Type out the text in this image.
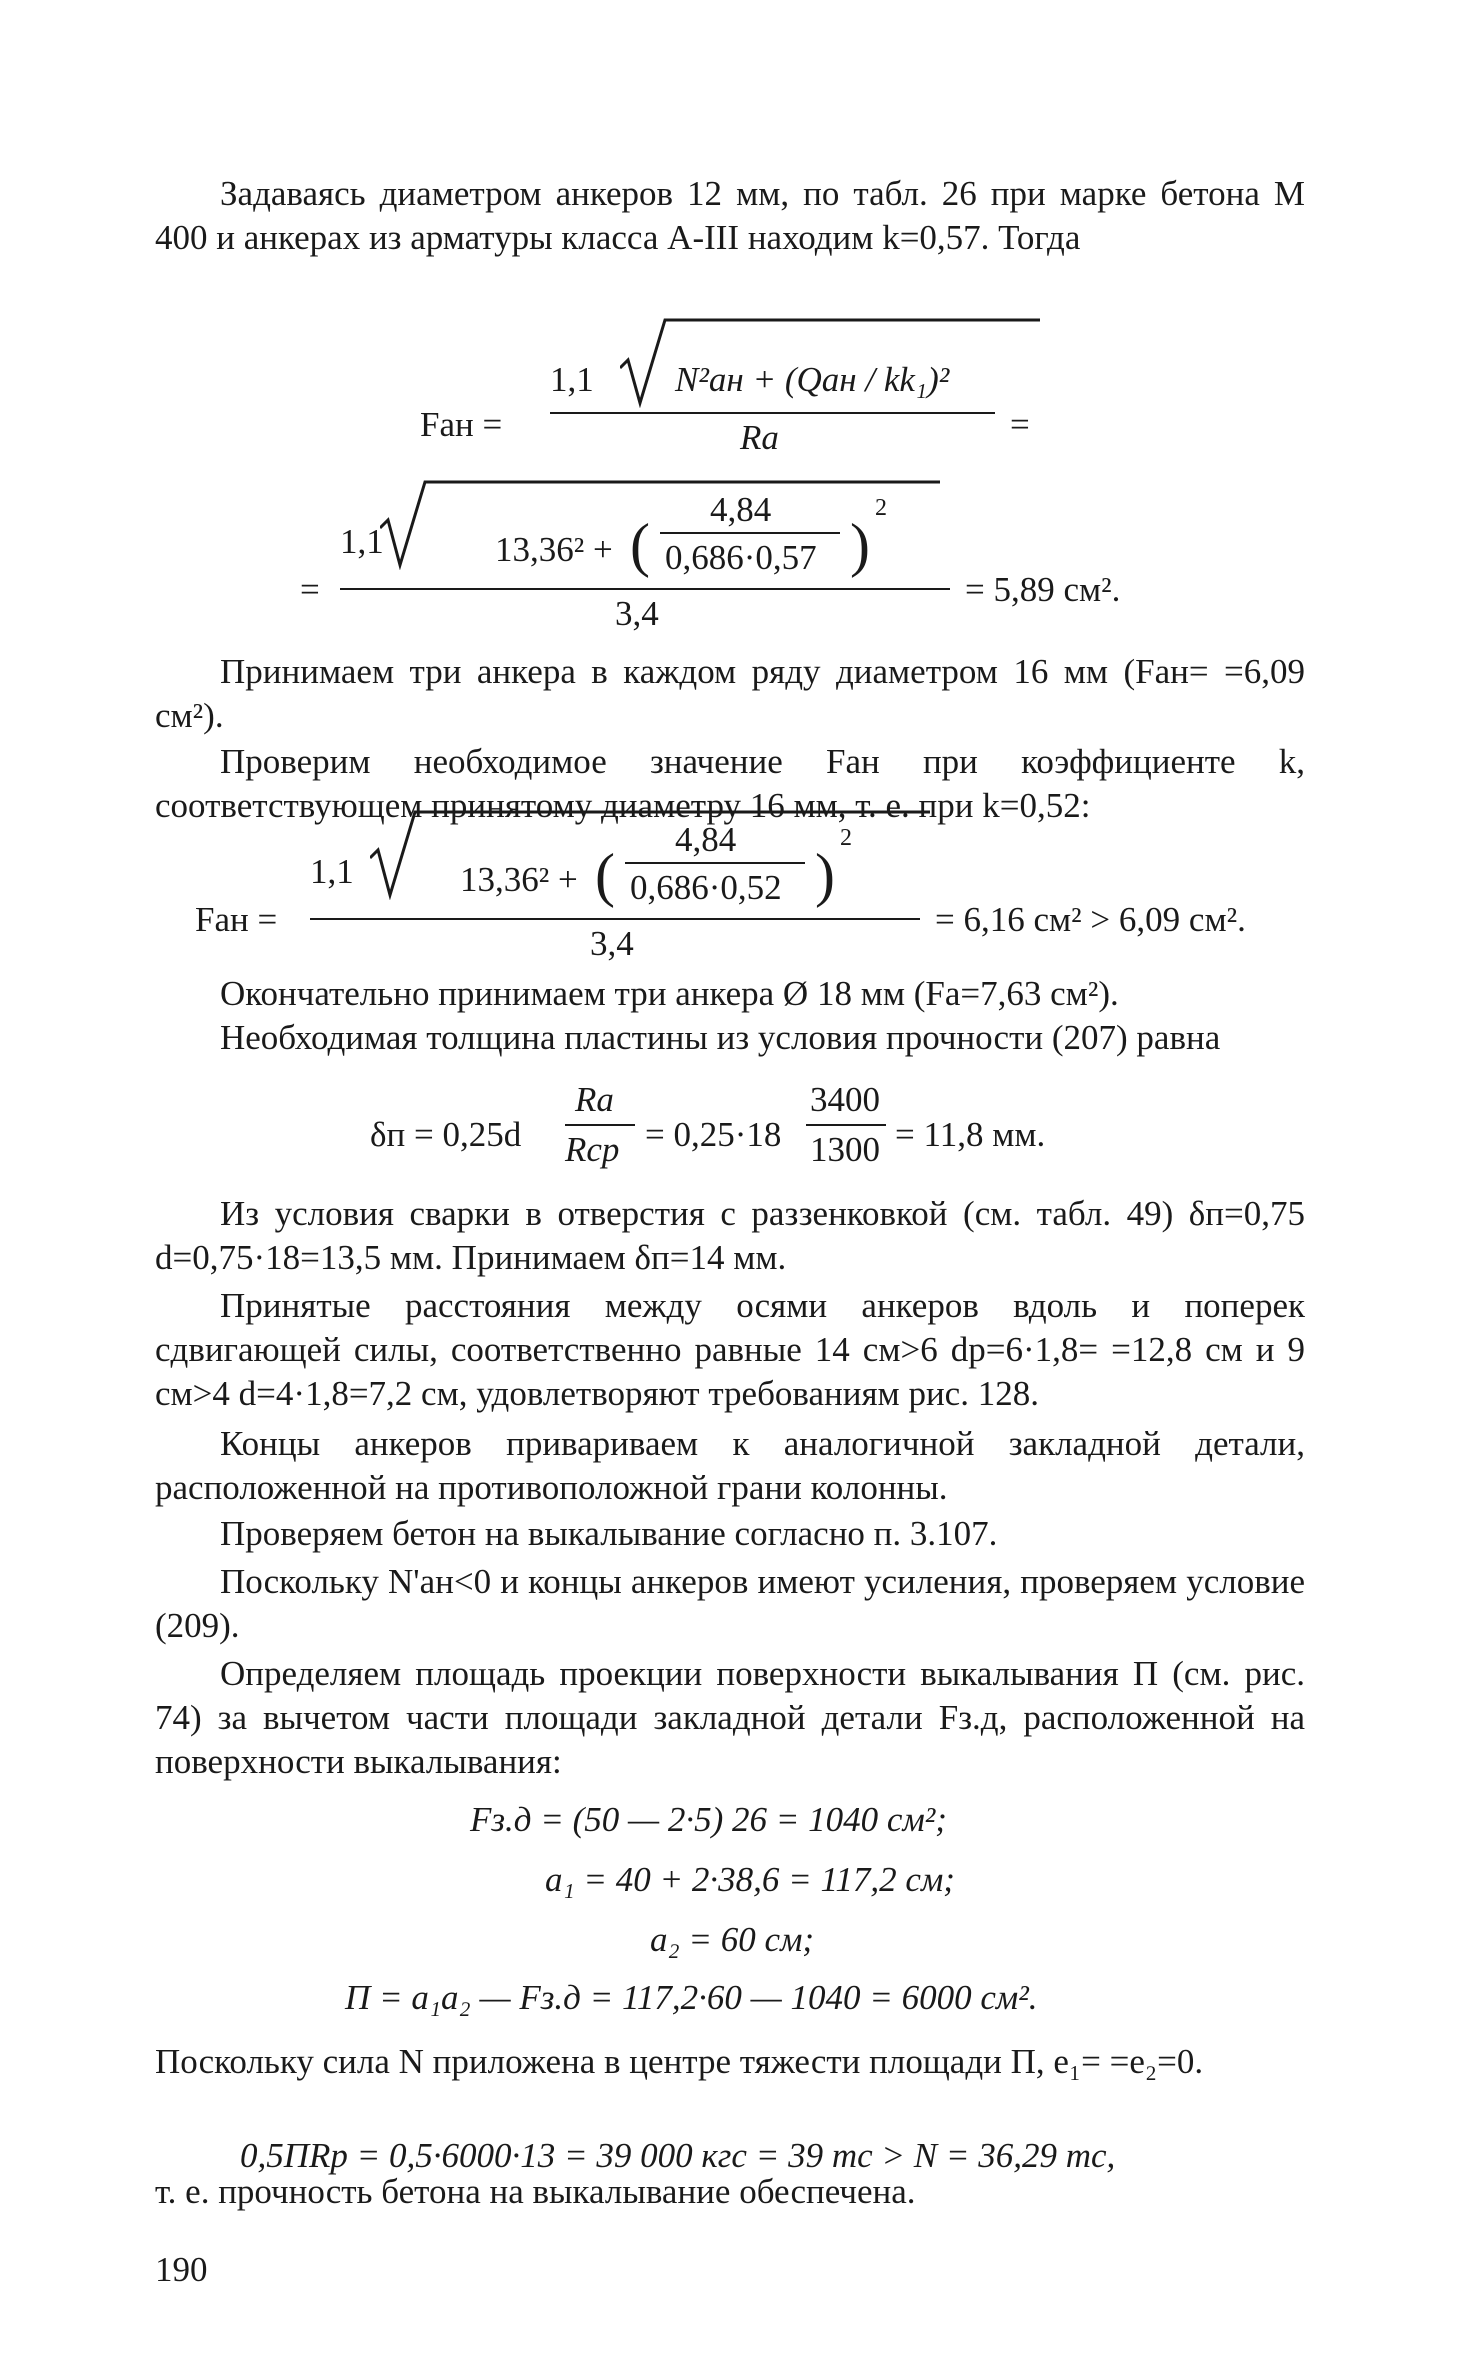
Задаваясь диаметром анкеров 12 мм, по табл. 26 при марке бетона М 400 и анкерах из арматуры класса А-III находим k=0,57. Тогда
Fан =
1,1 N²ан + (Qан / kk₁)²
Rа	=
=
1,1	13,36² + (
4,84
0,686·0,57 )
2
3,4
= 5,89 см².
Принимаем три анкера в каждом ряду диаметром 16 мм (Fан= =6,09 см²).
Проверим необходимое значение Fан при коэффициенте k, соответствующем принятому диаметру 16 мм, т. е. при k=0,52:
Fан =
1,1	13,36² + (
4,84
0,686·0,52 )
2
3,4
= 6,16 см² > 6,09 см².
Окончательно принимаем три анкера Ø 18 мм (Fа=7,63 см²).
Необходимая толщина пластины из условия прочности (207) равна
δп = 0,25d
Rа
Rср = 0,25·18
3400
1300 = 11,8 мм.
Из условия сварки в отверстия с раззенковкой (см. табл. 49) δп=0,75 d=0,75·18=13,5 мм. Принимаем δп=14 мм.
Принятые расстояния между осями анкеров вдоль и поперек сдвигающей силы, соответственно равные 14 см>6 dр=6·1,8= =12,8 см и 9 см>4 d=4·1,8=7,2 см, удовлетворяют требованиям рис. 128.
Концы анкеров привариваем к аналогичной закладной детали, расположенной на противоположной грани колонны.
Проверяем бетон на выкалывание согласно п. 3.107.
Поскольку N'ан<0 и концы анкеров имеют усиления, проверяем условие (209).
Определяем площадь проекции поверхности выкалывания П (см. рис. 74) за вычетом части площади закладной детали Fз.д, расположенной на поверхности выкалывания:
Fз.д = (50 — 2·5) 26 = 1040 см²;
a₁ = 40 + 2·38,6 = 117,2 см;
a₂ = 60 см;
П = a₁a₂ — Fз.д = 117,2·60 — 1040 = 6000 см².
Поскольку сила N приложена в центре тяжести площади П, e₁= =e₂=0.
0,5ПRр = 0,5·6000·13 = 39 000 кгс = 39 тс > N = 36,29 тс,
т. е. прочность бетона на выкалывание обеспечена.
190
